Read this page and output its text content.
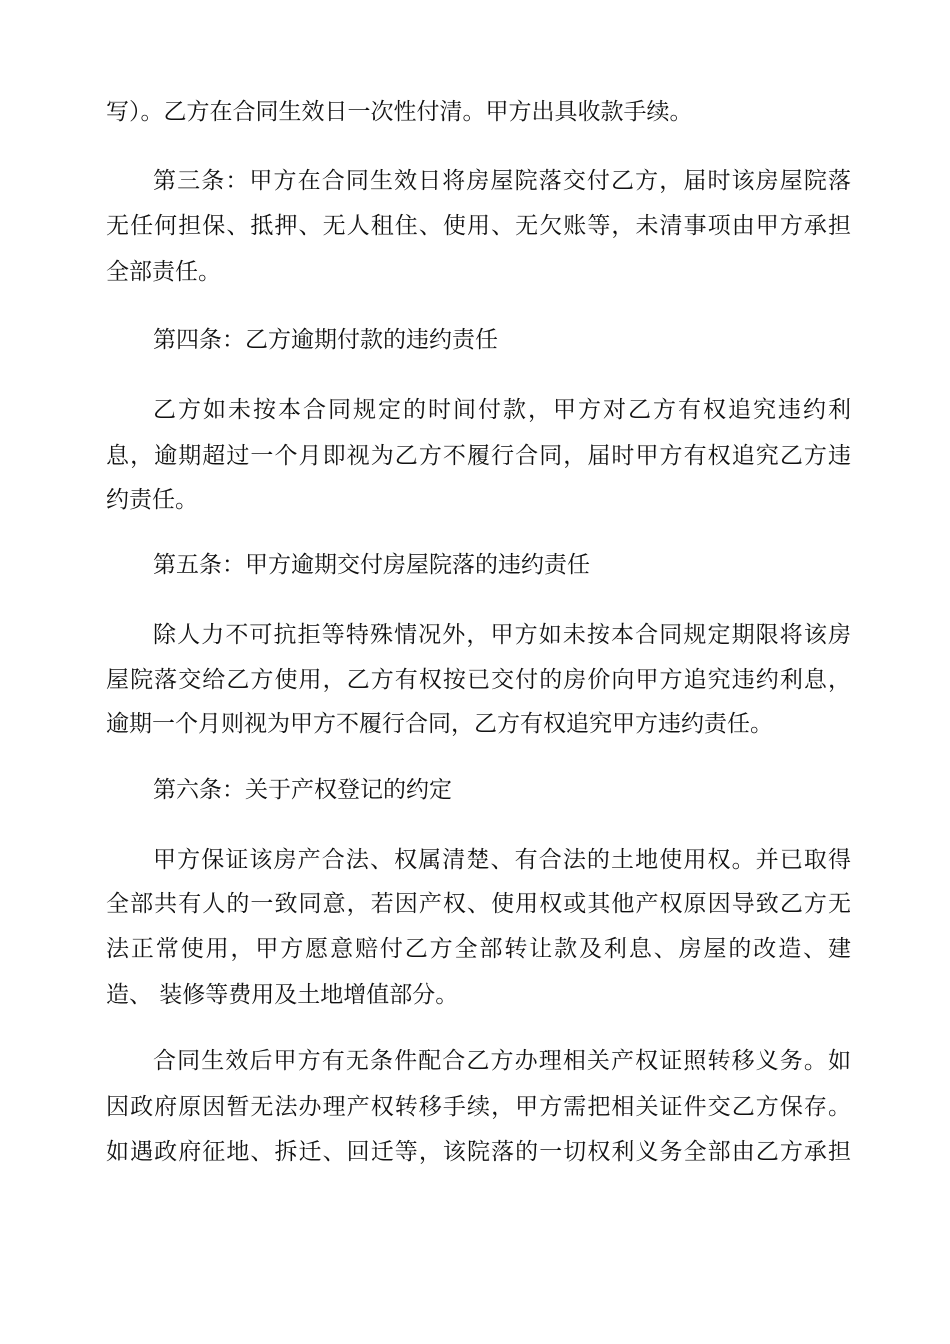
写）。乙方在合同生效日一次性付清。甲方出具收款手续。
第三条：甲方在合同生效日将房屋院落交付乙方，届时该房屋院落
无任何担保、抵押、无人租住、使用、无欠账等，未清事项由甲方承担
全部责任。
第四条：乙方逾期付款的违约责任
乙方如未按本合同规定的时间付款，甲方对乙方有权追究违约利
息，逾期超过一个月即视为乙方不履行合同，届时甲方有权追究乙方违
约责任。
第五条：甲方逾期交付房屋院落的违约责任
除人力不可抗拒等特殊情况外，甲方如未按本合同规定期限将该房
屋院落交给乙方使用，乙方有权按已交付的房价向甲方追究违约利息，
逾期一个月则视为甲方不履行合同，乙方有权追究甲方违约责任。
第六条：关于产权登记的约定
甲方保证该房产合法、权属清楚、有合法的土地使用权。并已取得
全部共有人的一致同意，若因产权、使用权或其他产权原因导致乙方无
法正常使用，甲方愿意赔付乙方全部转让款及利息、房屋的改造、建
造、 装修等费用及土地增值部分。
合同生效后甲方有无条件配合乙方办理相关产权证照转移义务。如
因政府原因暂无法办理产权转移手续，甲方需把相关证件交乙方保存。
如遇政府征地、拆迁、回迁等，该院落的一切权利义务全部由乙方承担
